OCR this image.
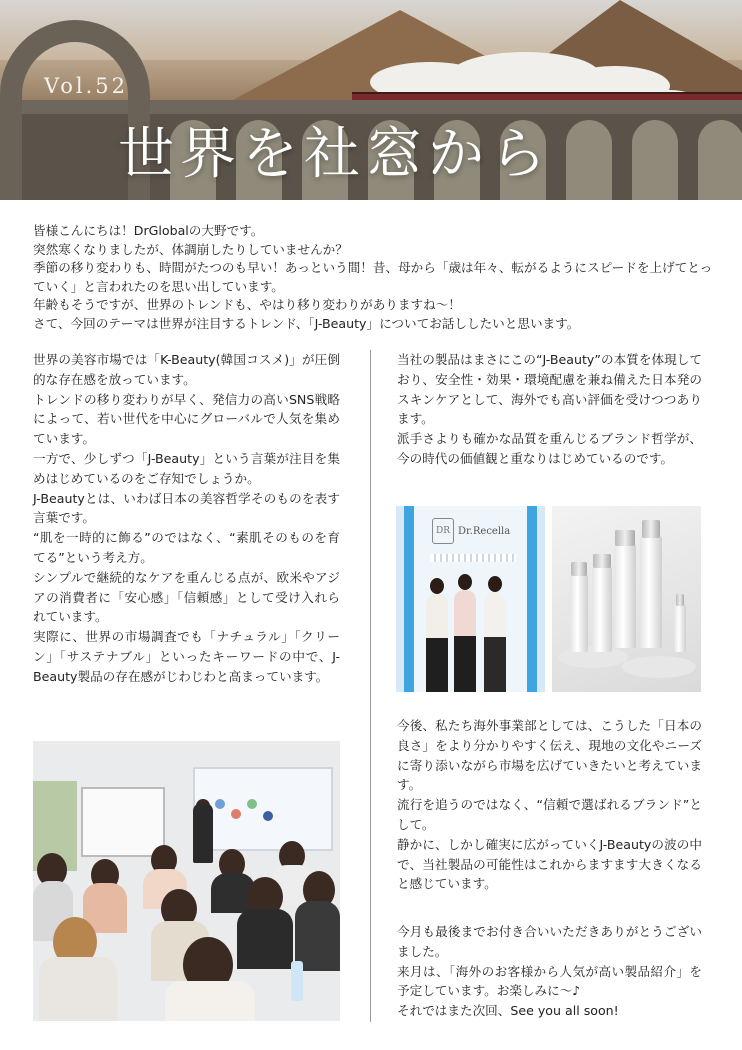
Vol.52
世界を社窓から

皆様こんにちは！DrGlobalの大野です。

突然寒くなりましたが、体調崩したりしていませんか？

季節の移り変わりも、時間がたつのも早い！あっという間！昔、母から「歳は年々、転がるようにスピードを上げてとっていく」と言われたのを思い出しています。

年齢もそうですが、世界のトレンドも、やはり移り変わりがありますね〜！

さて、今回のテーマは世界が注目するトレンド、「J-Beauty」についてお話ししたいと思います。

世界の美容市場では「K-Beauty(韓国コスメ)」が圧倒的な存在感を放っています。

トレンドの移り変わりが早く、発信力の高いSNS戦略によって、若い世代を中心にグローバルで人気を集めています。

一方で、少しずつ「J-Beauty」という言葉が注目を集めはじめているのをご存知でしょうか。

J-Beautyとは、いわば日本の美容哲学そのものを表す言葉です。

“肌を一時的に飾る”のではなく、“素肌そのものを育てる”という考え方。

シンプルで継続的なケアを重んじる点が、欧米やアジアの消費者に「安心感」「信頼感」として受け入れられています。

実際に、世界の市場調査でも「ナチュラル」「クリーン」「サステナブル」といったキーワードの中で、J-Beauty製品の存在感がじわじわと高まっています。

当社の製品はまさにこの“J-Beauty”の本質を体現しており、安全性・効果・環境配慮を兼ね備えた日本発のスキンケアとして、海外でも高い評価を受けつつあります。

派手さよりも確かな品質を重んじるブランド哲学が、今の時代の価値観と重なりはじめているのです。

今後、私たち海外事業部としては、こうした「日本の良さ」をより分かりやすく伝え、現地の文化やニーズに寄り添いながら市場を広げていきたいと考えています。

流行を追うのではなく、“信頼で選ばれるブランド”として。

静かに、しかし確実に広がっていくJ-Beautyの波の中で、当社製品の可能性はこれからますます大きくなると感じています。

今月も最後までお付き合いいただきありがとうございました。

来月は、「海外のお客様から人気が高い製品紹介」を予定しています。お楽しみに〜♪

それではまた次回、See you all soon!

DR Dr.Recella
